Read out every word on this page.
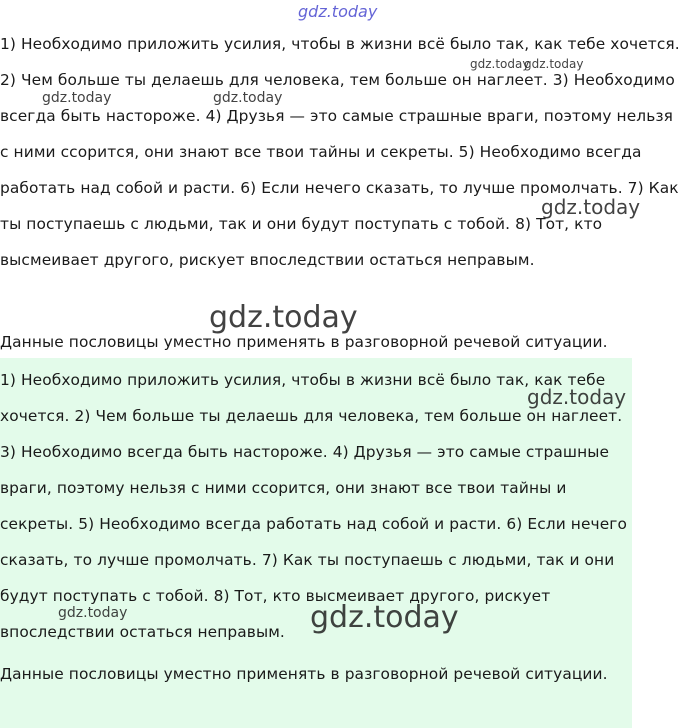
1) Необходимо приложить усилия, чтобы в жизни всё было так, как тебе хочется. 2) Чем больше ты делаешь для человека, тем больше он наглеет. 3) Необходимо всегда быть настороже. 4) Друзья — это самые страшные враги, поэтому нельзя с ними ссорится, они знают все твои тайны и секреты. 5) Необходимо всегда работать над собой и расти. 6) Если нечего сказать, то лучше промолчать. 7) Как ты поступаешь с людьми, так и они будут поступать с тобой. 8) Тот, кто высмеивает другого, рискует впоследствии остаться неправым.

Данные пословицы уместно применять в разговорной речевой ситуации.

1) Необходимо приложить усилия, чтобы в жизни всё было так, как тебе хочется. 2) Чем больше ты делаешь для человека, тем больше он наглеет. 3) Необходимо всегда быть настороже. 4) Друзья — это самые страшные враги, поэтому нельзя с ними ссорится, они знают все твои тайны и секреты. 5) Необходимо всегда работать над собой и расти. 6) Если нечего сказать, то лучше промолчать. 7) Как ты поступаешь с людьми, так и они будут поступать с тобой. 8) Тот, кто высмеивает другого, рискует впоследствии остаться неправым.

Данные пословицы уместно применять в разговорной речевой ситуации.

gdz.today
gdz.today
gdz.today
gdz.today	gdz.today
gdz.today
gdz.today
gdz.today
gdz.today	gdz.today
